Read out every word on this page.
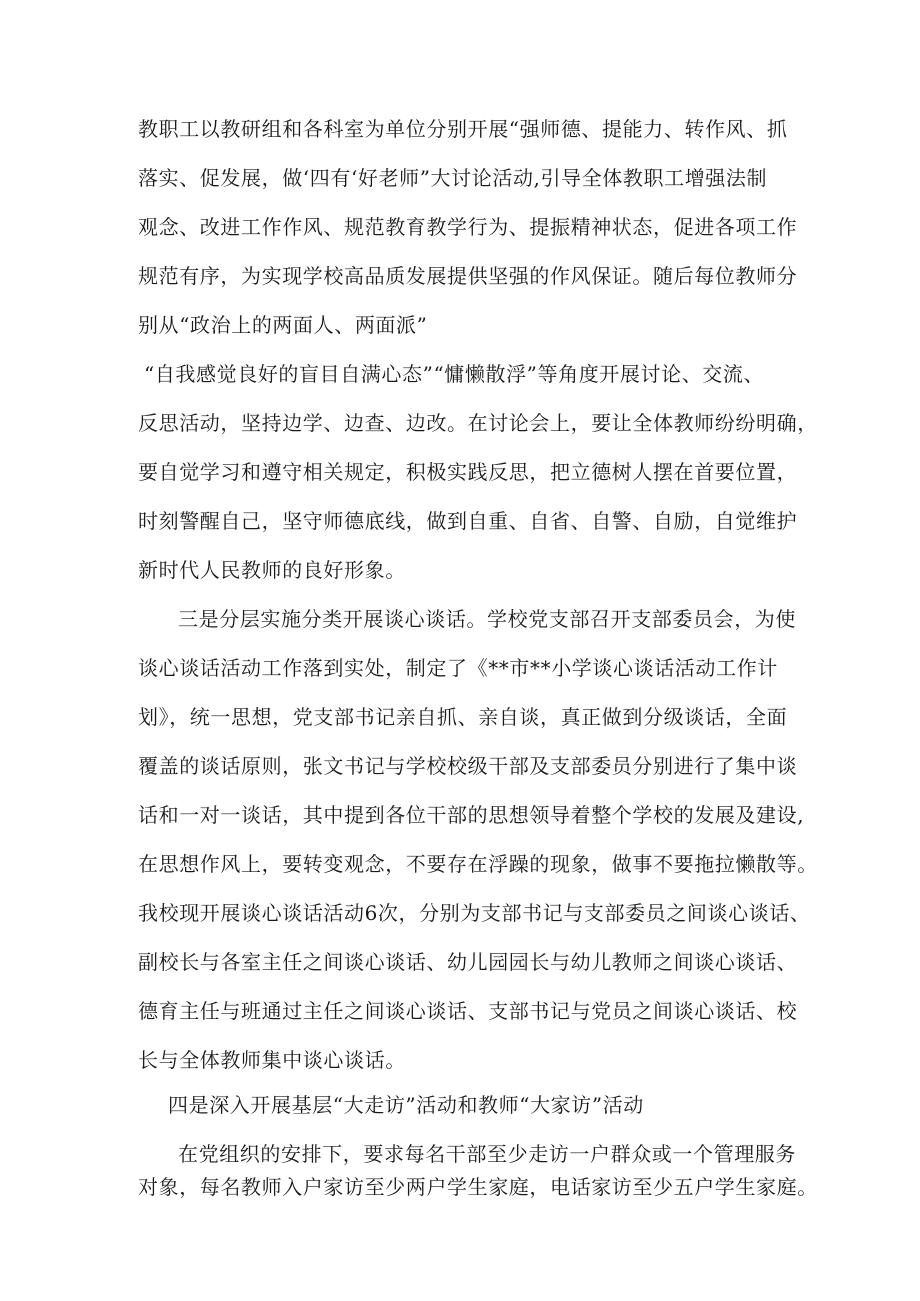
教职工以教研组和各科室为单位分别开展“强师德、提能力、转作风、抓
落实、促发展，做‘四有‘好老师”大讨论活动,引导全体教职工增强法制
观念、改进工作作风、规范教育教学行为、提振精神状态，促进各项工作
规范有序，为实现学校高品质发展提供坚强的作风保证。随后每位教师分
别从“政治上的两面人、两面派”
“自我感觉良好的盲目自满心态”“慵懒散浮”等角度开展讨论、交流、
反思活动，坚持边学、边查、边改。在讨论会上，要让全体教师纷纷明确，
要自觉学习和遵守相关规定，积极实践反思，把立德树人摆在首要位置，
时刻警醒自己，坚守师德底线，做到自重、自省、自警、自励，自觉维护
新时代人民教师的良好形象。
三是分层实施分类开展谈心谈话。学校党支部召开支部委员会，为使
谈心谈话活动工作落到实处，制定了《**市**小学谈心谈话活动工作计
划》，统一思想，党支部书记亲自抓、亲自谈，真正做到分级谈话，全面
覆盖的谈话原则，张文书记与学校校级干部及支部委员分别进行了集中谈
话和一对一谈话，其中提到各位干部的思想领导着整个学校的发展及建设,
在思想作风上，要转变观念，不要存在浮躁的现象，做事不要拖拉懒散等。
我校现开展谈心谈话活动6次，分别为支部书记与支部委员之间谈心谈话、
副校长与各室主任之间谈心谈话、幼儿园园长与幼儿教师之间谈心谈话、
德育主任与班通过主任之间谈心谈话、支部书记与党员之间谈心谈话、校
长与全体教师集中谈心谈话。
四是深入开展基层“大走访”活动和教师“大家访”活动
在党组织的安排下，要求每名干部至少走访一户群众或一个管理服务
对象，每名教师入户家访至少两户学生家庭，电话家访至少五户学生家庭。
